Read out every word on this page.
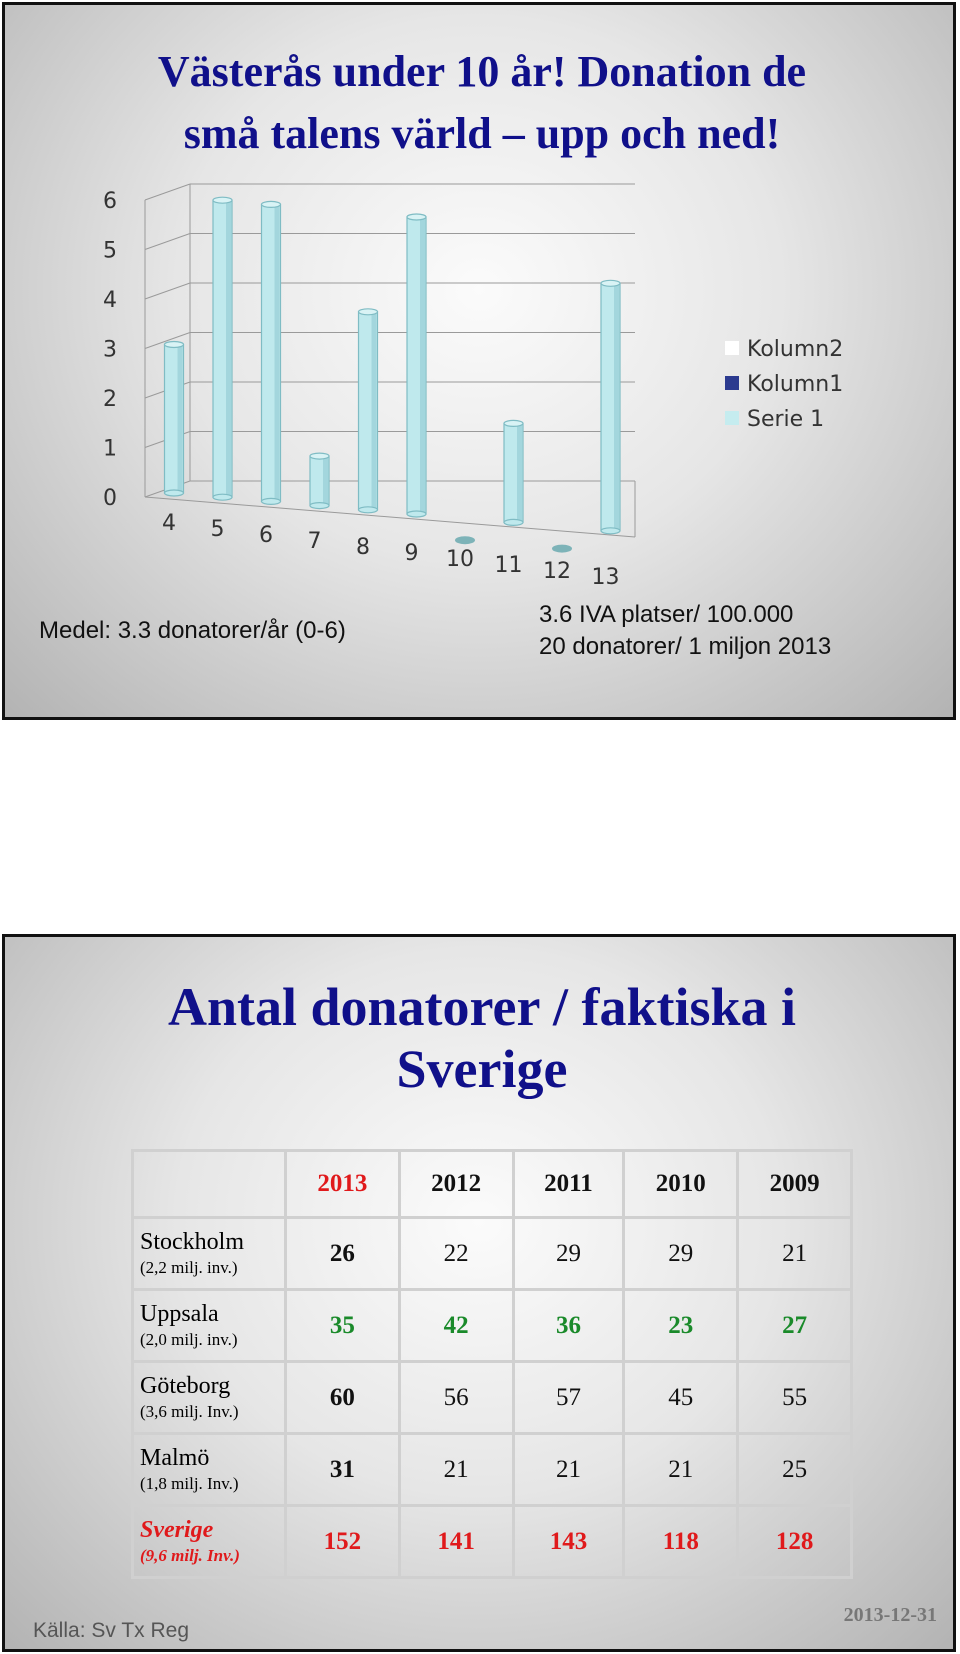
Västerås under 10 år! Donation de
små talens värld – upp och ned!
0
1
2
3
4
5
6
4 5 6 7 8 9 10 11 12 13
Kolumn2
Kolumn1
Serie 1
Medel: 3.3 donatorer/år (0-6)
3.6 IVA platser/ 100.000
20 donatorer/ 1 miljon 2013
Antal donatorer / faktiska i
Sverige
	2013	2012	2011	2010	2009

Stockholm
(2,2 milj. inv.)	26	22	29	29	21

Uppsala
(2,0 milj. inv.)	35	42	36	23	27

Göteborg
(3,6 milj. Inv.)	60	56	57	45	55

Malmö
(1,8 milj. Inv.)	31	21	21	21	25

Sverige
(9,6 milj. Inv.)	152	141	143	118	128
Källa: Sv Tx Reg
2013-12-31
